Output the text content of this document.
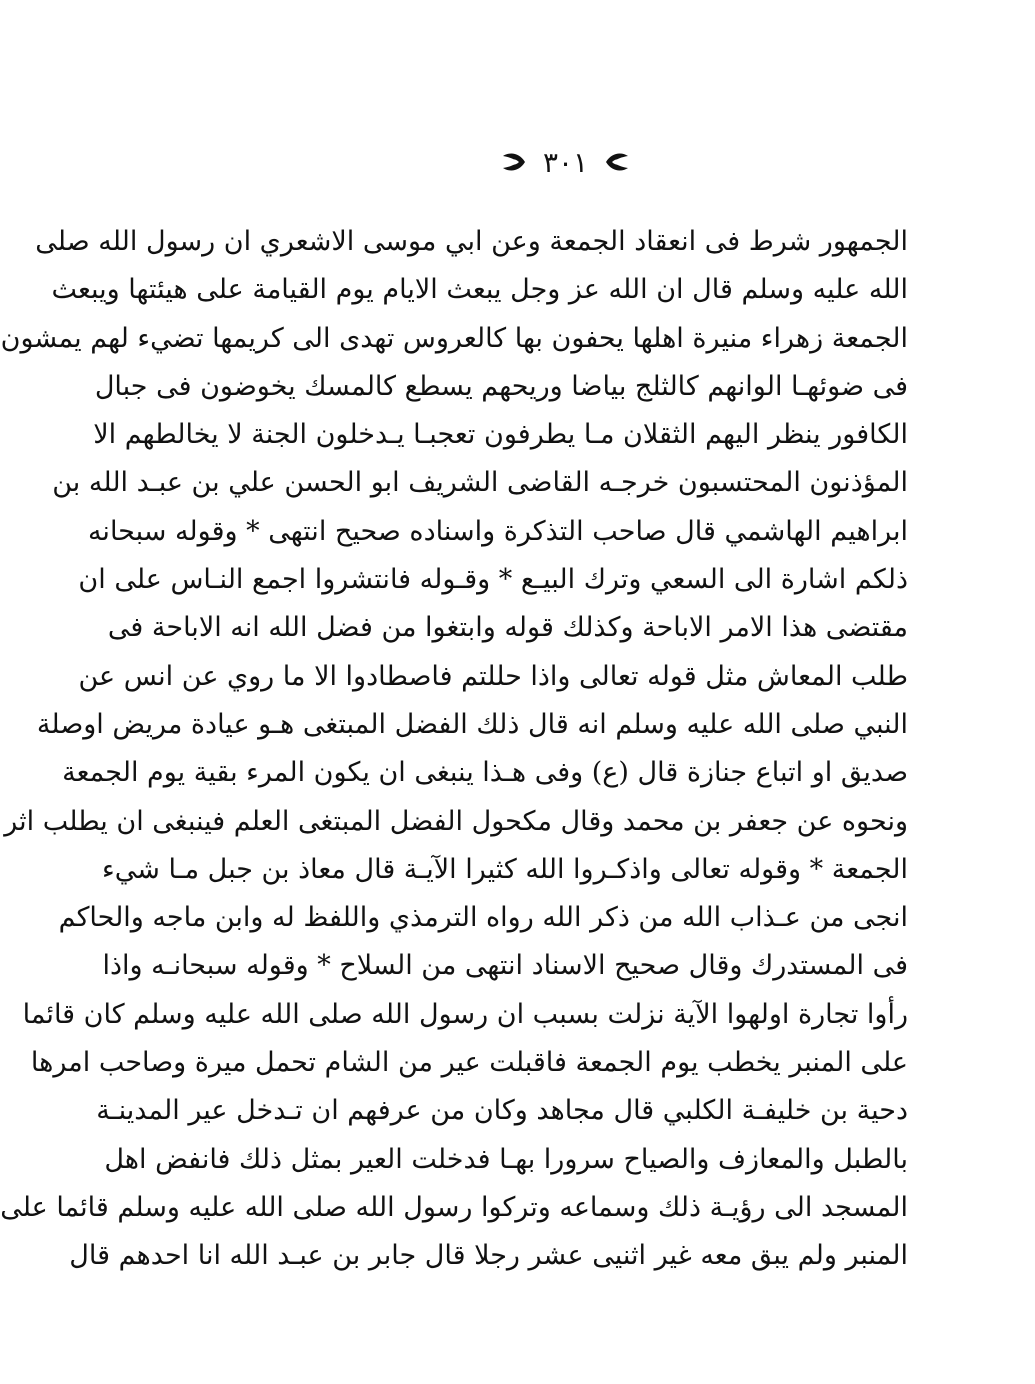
٣٠١
الجمهور شرط فى انعقاد الجمعة وعن ابي موسى الاشعري ان رسول الله صلى
الله عليه وسلم قال ان الله عز وجل يبعث الايام يوم القيامة على هيئتها ويبعث
الجمعة زهراء منيرة اهلها يحفون بها كالعروس تهدى الى كريمها تضيء لهم يمشون
فى ضوئهـا الوانهم كالثلج بياضا وريحهم يسطع كالمسك يخوضون فى جبال
الكافور ينظر اليهم الثقلان مـا يطرفون تعجبـا يـدخلون الجنة لا يخالطهم الا
المؤذنون المحتسبون خرجـه القاضى الشريف ابو الحسن علي بن عبـد الله بن
ابراهيم الهاشمي قال صاحب التذكرة واسناده صحيح انتهى * وقوله سبحانه
ذلكم اشارة الى السعي وترك البيـع * وقـوله فانتشروا اجمع النـاس على ان
مقتضى هذا الامر الاباحة وكذلك قوله وابتغوا من فضل الله انه الاباحة فى
طلب المعاش مثل قوله تعالى واذا حللتم فاصطادوا الا ما روي عن انس عن
النبي صلى الله عليه وسلم انه قال ذلك الفضل المبتغى هـو عيادة مريض اوصلة
صديق او اتباع جنازة قال (ع) وفى هـذا ينبغى ان يكون المرء بقية يوم الجمعة
ونحوه عن جعفر بن محمد وقال مكحول الفضل المبتغى العلم فينبغى ان يطلب اثر
الجمعة * وقوله تعالى واذكـروا الله كثيرا الآيـة قال معاذ بن جبل مـا شيء
انجى من عـذاب الله من ذكر الله رواه الترمذي واللفظ له وابن ماجه والحاكم
فى المستدرك وقال صحيح الاسناد انتهى من السلاح * وقوله سبحانـه واذا
رأوا تجارة اولهوا الآية نزلت بسبب ان رسول الله صلى الله عليه وسلم كان قائما
على المنبر يخطب يوم الجمعة فاقبلت عير من الشام تحمل ميرة وصاحب امرها
دحية بن خليفـة الكلبي قال مجاهد وكان من عرفهم ان تـدخل عير المدينـة
بالطبل والمعازف والصياح سرورا بهـا فدخلت العير بمثل ذلك فانفض اهل
المسجد الى رؤيـة ذلك وسماعه وتركوا رسول الله صلى الله عليه وسلم قائما على
المنبر ولم يبق معه غير اثنيى عشر رجلا قال جابر بن عبـد الله انا احدهم قال
